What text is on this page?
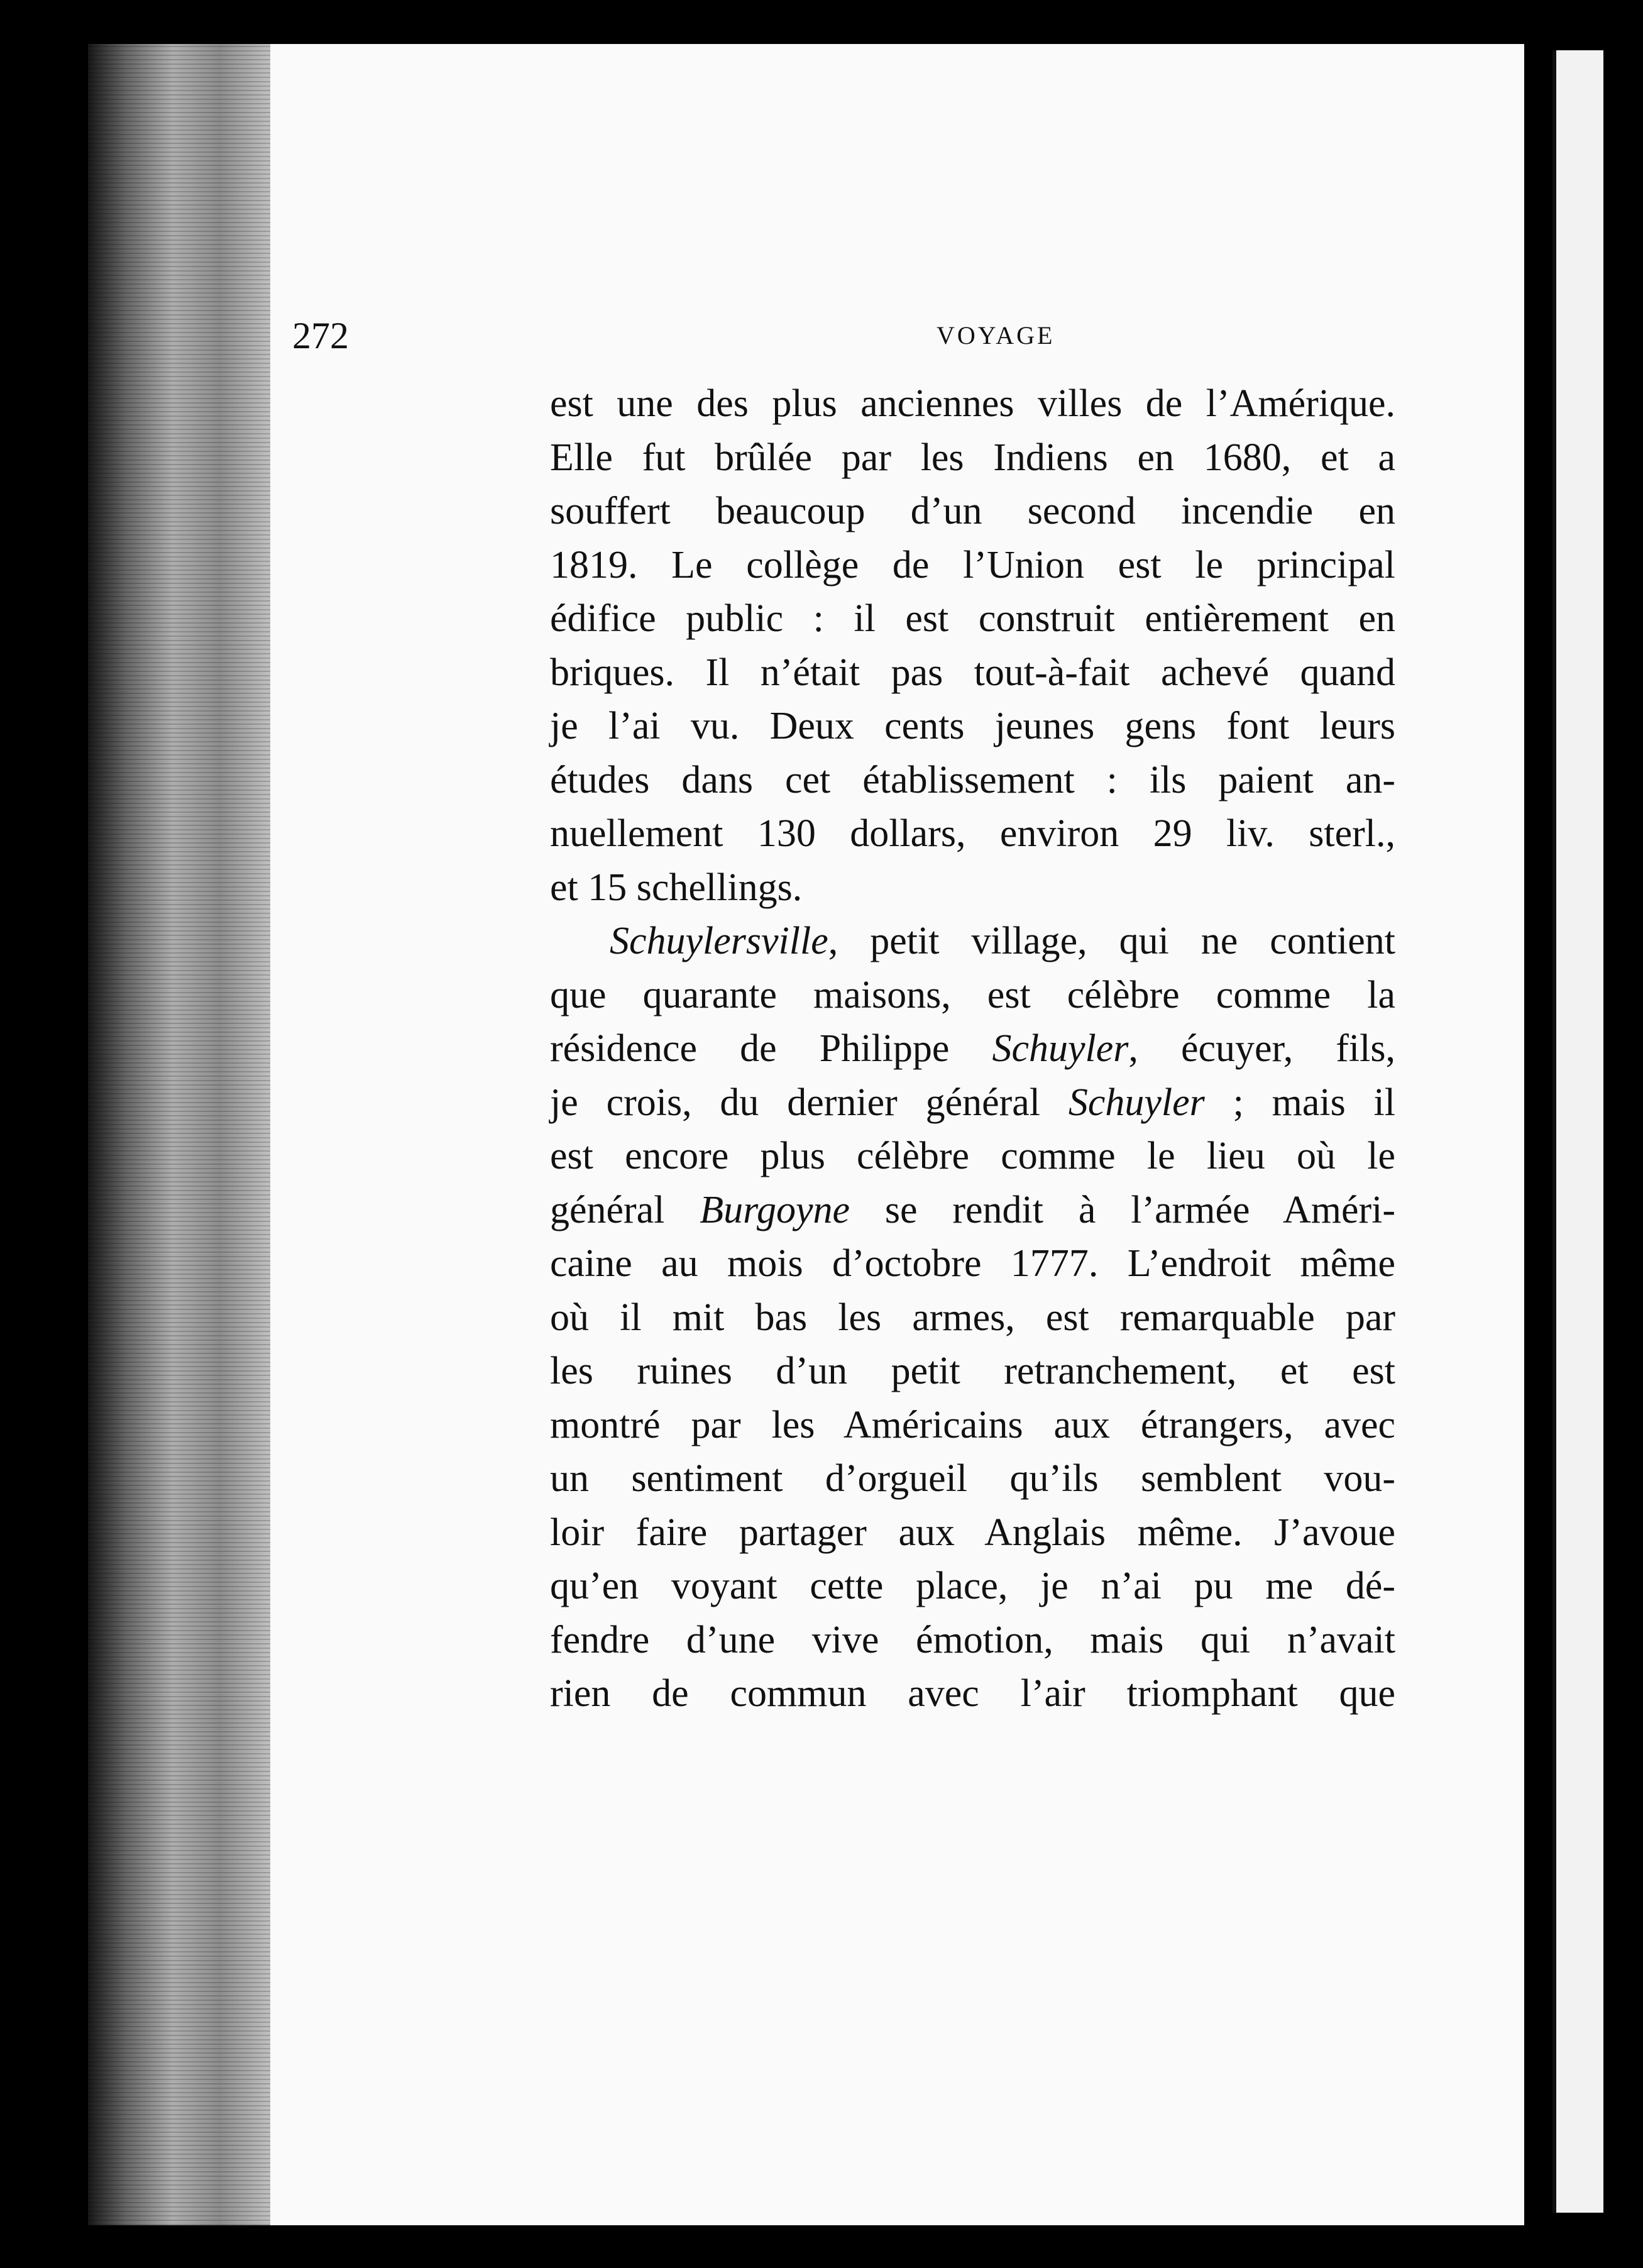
272	VOYAGE
est une des plus anciennes villes de l’Amérique.
Elle fut brûlée par les Indiens en 1680, et a
souffert beaucoup d’un second incendie en
1819. Le collège de l’Union est le principal
édifice public : il est construit entièrement en
briques. Il n’était pas tout-à-fait achevé quand
je l’ai vu. Deux cents jeunes gens font leurs
études dans cet établissement : ils paient an-
nuellement 130 dollars, environ 29 liv. sterl.,
et 15 schellings.
Schuylersville, petit village, qui ne contient
que quarante maisons, est célèbre comme la
résidence de Philippe Schuyler, écuyer, fils,
je crois, du dernier général Schuyler ; mais il
est encore plus célèbre comme le lieu où le
général Burgoyne se rendit à l’armée Améri-
caine au mois d’octobre 1777. L’endroit même
où il mit bas les armes, est remarquable par
les ruines d’un petit retranchement, et est
montré par les Américains aux étrangers, avec
un sentiment d’orgueil qu’ils semblent vou-
loir faire partager aux Anglais même. J’avoue
qu’en voyant cette place, je n’ai pu me dé-
fendre d’une vive émotion, mais qui n’avait
rien de commun avec l’air triomphant que
